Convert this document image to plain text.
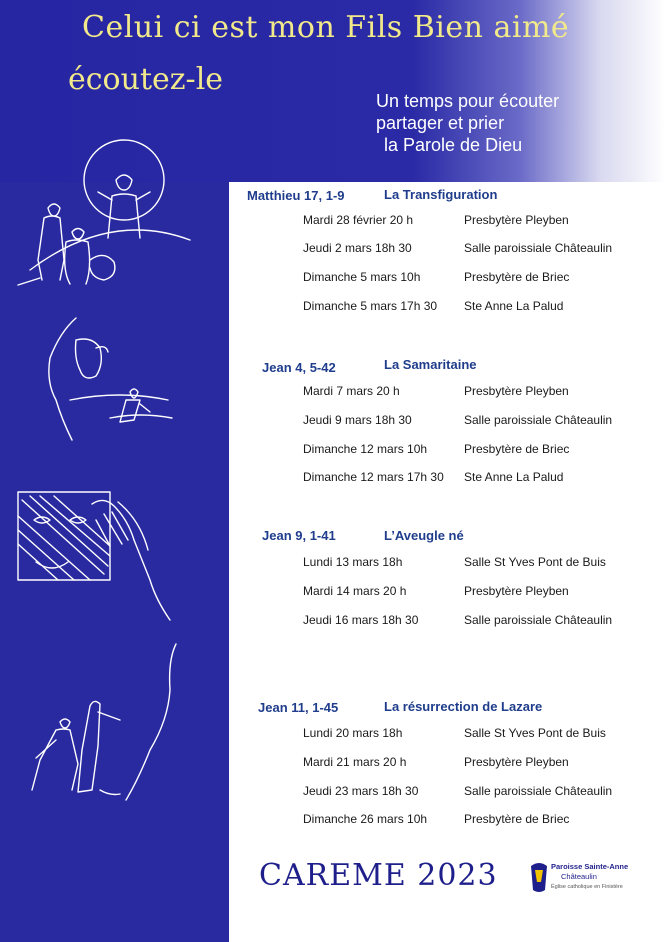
Celui ci est mon Fils Bien aimé
écoutez-le
Un temps pour écouter
partager et prier
la Parole de Dieu
Matthieu 17, 1-9	La Transfiguration
Mardi 28 février 20 h	Presbytère Pleyben
Jeudi 2 mars 18h 30	Salle paroissiale Châteaulin
Dimanche 5 mars 10h	Presbytère de Briec
Dimanche 5 mars 17h 30 Ste Anne La Palud
Jean 4, 5-42	La Samaritaine
Mardi 7 mars 20 h	Presbytère Pleyben
Jeudi 9 mars 18h 30	Salle paroissiale Châteaulin
Dimanche 12 mars 10h	Presbytère de Briec
Dimanche 12 mars 17h 30 Ste Anne La Palud
Jean 9, 1-41	L’Aveugle né
Lundi 13 mars 18h	Salle St Yves Pont de Buis
Mardi 14 mars 20 h	Presbytère Pleyben
Jeudi 16 mars 18h 30	Salle paroissiale Châteaulin
Jean 11, 1-45	La résurrection de Lazare
Lundi 20 mars 18h	Salle St Yves Pont de Buis
Mardi 21 mars 20 h	Presbytère Pleyben
Jeudi 23 mars 18h 30	Salle paroissiale Châteaulin
Dimanche 26 mars 10h	Presbytère de Briec
CAREME 2023	Paroisse Sainte-Anne
Châteaulin
Église catholique en Finistère
